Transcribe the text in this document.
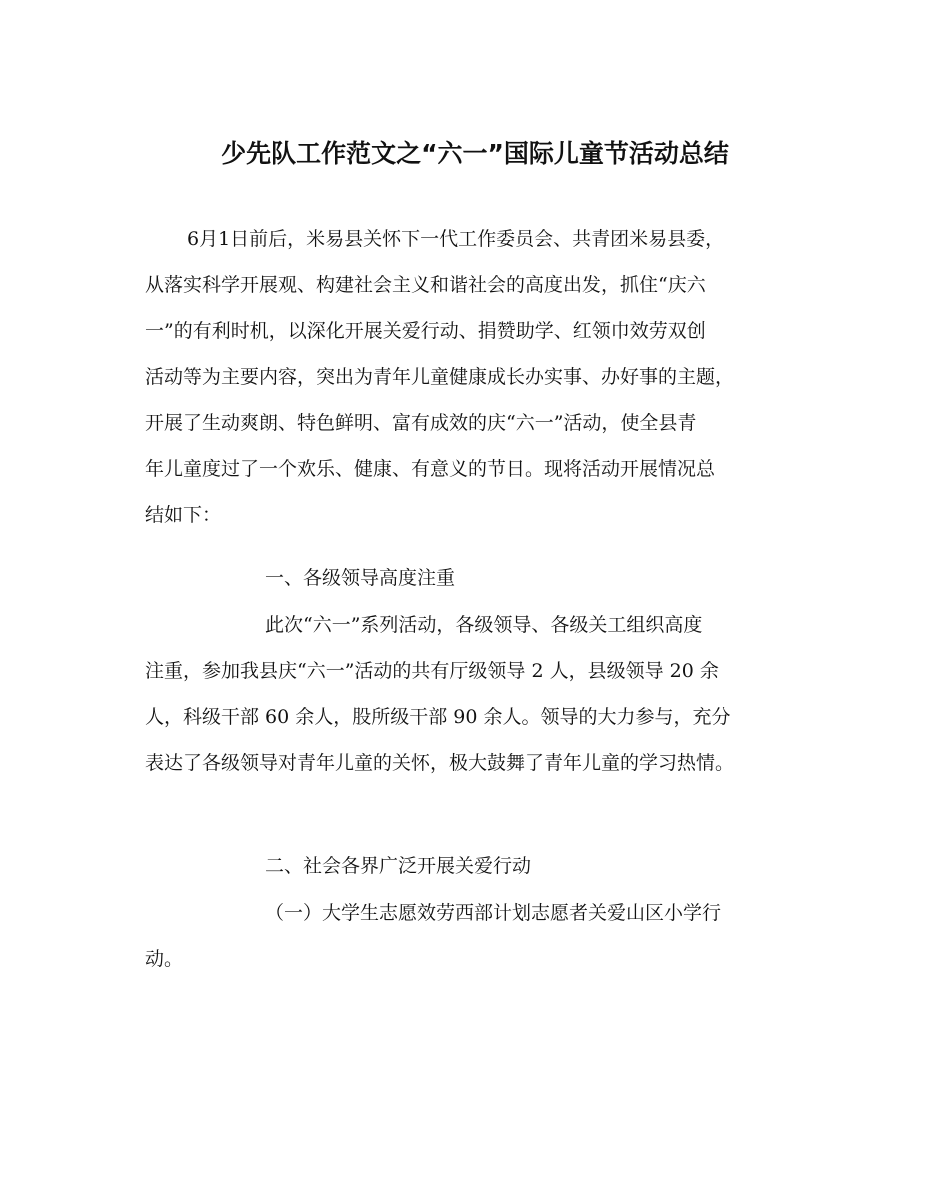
少先队工作范文之“六一”国际儿童节活动总结
6月1日前后，米易县关怀下一代工作委员会、共青团米易县委，
从落实科学开展观、构建社会主义和谐社会的高度出发，抓住“庆六
一”的有利时机，以深化开展关爱行动、捐赞助学、红领巾效劳双创
活动等为主要内容，突出为青年儿童健康成长办实事、办好事的主题，
开展了生动爽朗、特色鲜明、富有成效的庆“六一”活动，使全县青
年儿童度过了一个欢乐、健康、有意义的节日。现将活动开展情况总
结如下：
一、各级领导高度注重
此次“六一”系列活动，各级领导、各级关工组织高度
注重，参加我县庆“六一”活动的共有厅级领导 2 人，县级领导 20 余
人，科级干部 60 余人，股所级干部 90 余人。领导的大力参与，充分
表达了各级领导对青年儿童的关怀，极大鼓舞了青年儿童的学习热情。
二、社会各界广泛开展关爱行动
（一）大学生志愿效劳西部计划志愿者关爱山区小学行
动。
